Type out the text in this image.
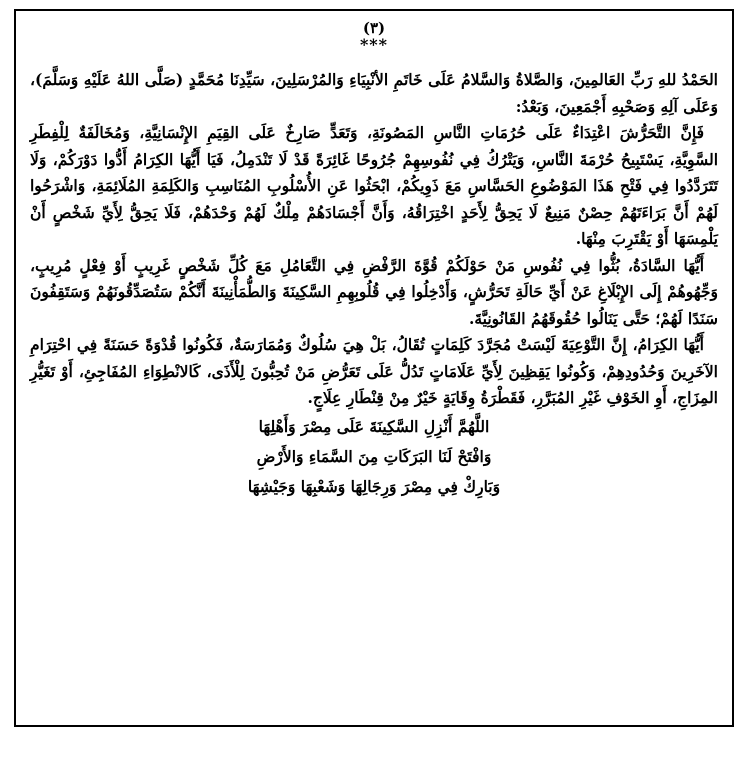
(٣)
***

الحَمْدُ للهِ رَبِّ العَالمِينَ، وَالصَّلاةُ وَالسَّلامُ عَلَى خَاتَمِ الأنْبِيَاءِ وَالمُرْسَلِينَ، سَيِّدِنَا مُحَمَّدٍ (صَلَّى اللهُ عَلَيْهِ وَسَلَّمَ)، وَعَلَى آلِهِ وَصَحْبِهِ أَجْمَعِينَ، وَبَعْدُ:

فَإِنَّ التَّحَرُّشَ اعْتِدَاءٌ عَلَى حُرُمَاتِ النَّاسِ المَصُونَةِ، وَتَعَدٍّ صَارِخٌ عَلَى القِيَمِ الإِنْسَانِيَّةِ، وَمُخَالَفَةٌ لِلْفِطَرِ السَّوِيَّةِ، يَسْتَبِيحُ حُرْمَةَ النَّاسِ، وَيَتْرُكُ فِي نُفُوسِهِمْ جُرُوحًا غَائِرَةً قَدْ لَا تَنْدَمِلُ، فَيَا أَيُّهَا الكِرَامُ أَدُّوا دَوْرَكُمْ، وَلَا تَتَرَدَّدُوا فِي فَتْحِ هَذَا المَوْضُوعِ الحَسَّاسِ مَعَ ذَوِيكُمْ، ابْحَثُوا عَنِ الأُسْلُوبِ المُنَاسِبِ وَالكَلِمَةِ المُلَائِمَةِ، وَاشْرَحُوا لَهُمْ أَنَّ بَرَاءَتَهُمْ حِصْنٌ مَنِيعٌ لَا يَحِقُّ لِأَحَدٍ اخْتِرَاقُهُ، وَأَنَّ أَجْسَادَهُمْ مِلْكٌ لَهُمْ وَحْدَهُمْ، فَلَا يَحِقُّ لِأَيِّ شَخْصٍ أَنْ يَلْمِسَهَا أَوْ يَقْتَرِبَ مِنْهَا.

أَيُّهَا السَّادَةُ، بُثُّوا فِي نُفُوسِ مَنْ حَوْلَكُمْ قُوَّةَ الرَّفْضِ فِي التَّعَامُلِ مَعَ كُلِّ شَخْصٍ غَرِيبٍ أَوْ فِعْلٍ مُرِيبٍ، وَجِّهُوهُمْ إِلَى الإِبْلَاغِ عَنْ أَيِّ حَالَةِ تَحَرُّشٍ، وَأَدْخِلُوا فِي قُلُوبِهِمِ السَّكِينَةَ وَالطُّمَأْنِينَةَ أَنَّكُمْ سَتُصَدِّقُونَهُمْ وَسَتَقِفُونَ سَنَدًا لَهُمْ؛ حَتَّى يَنَالُوا حُقُوقَهُمُ القَانُونِيَّةَ.

أَيُّهَا الكِرَامُ، إِنَّ التَّوْعِيَةَ لَيْسَتْ مُجَرَّدَ كَلِمَاتٍ تُقَالُ، بَلْ هِيَ سُلُوكٌ وَمُمَارَسَةٌ، فَكُونُوا قُدْوَةً حَسَنَةً فِي احْتِرَامِ الآخَرِينَ وَحُدُودِهِمْ، وَكُونُوا يَقِظِينَ لِأَيِّ عَلَامَاتٍ تَدُلُّ عَلَى تَعَرُّضِ مَنْ تُحِبُّونَ لِلْأَذَى، كَالانْطِوَاءِ المُفَاجِئِ، أَوْ تَغَيُّرِ المِزَاجِ، أَوِ الخَوْفِ غَيْرِ المُبَرَّرِ، فَقَطْرَةُ وِقَايَةٍ خَيْرٌ مِنْ قِنْطَارِ عِلَاجٍ.

اللَّهُمَّ أَنْزِلِ السَّكِينَةَ عَلَى مِصْرَ وَأَهْلِهَا
وَافْتَحْ لَنَا البَرَكَاتِ مِنَ السَّمَاءِ وَالأَرْضِ
وَبَارِكْ فِي مِصْرَ وَرِجَالِهَا وَشَعْبِهَا وَجَيْشِهَا
